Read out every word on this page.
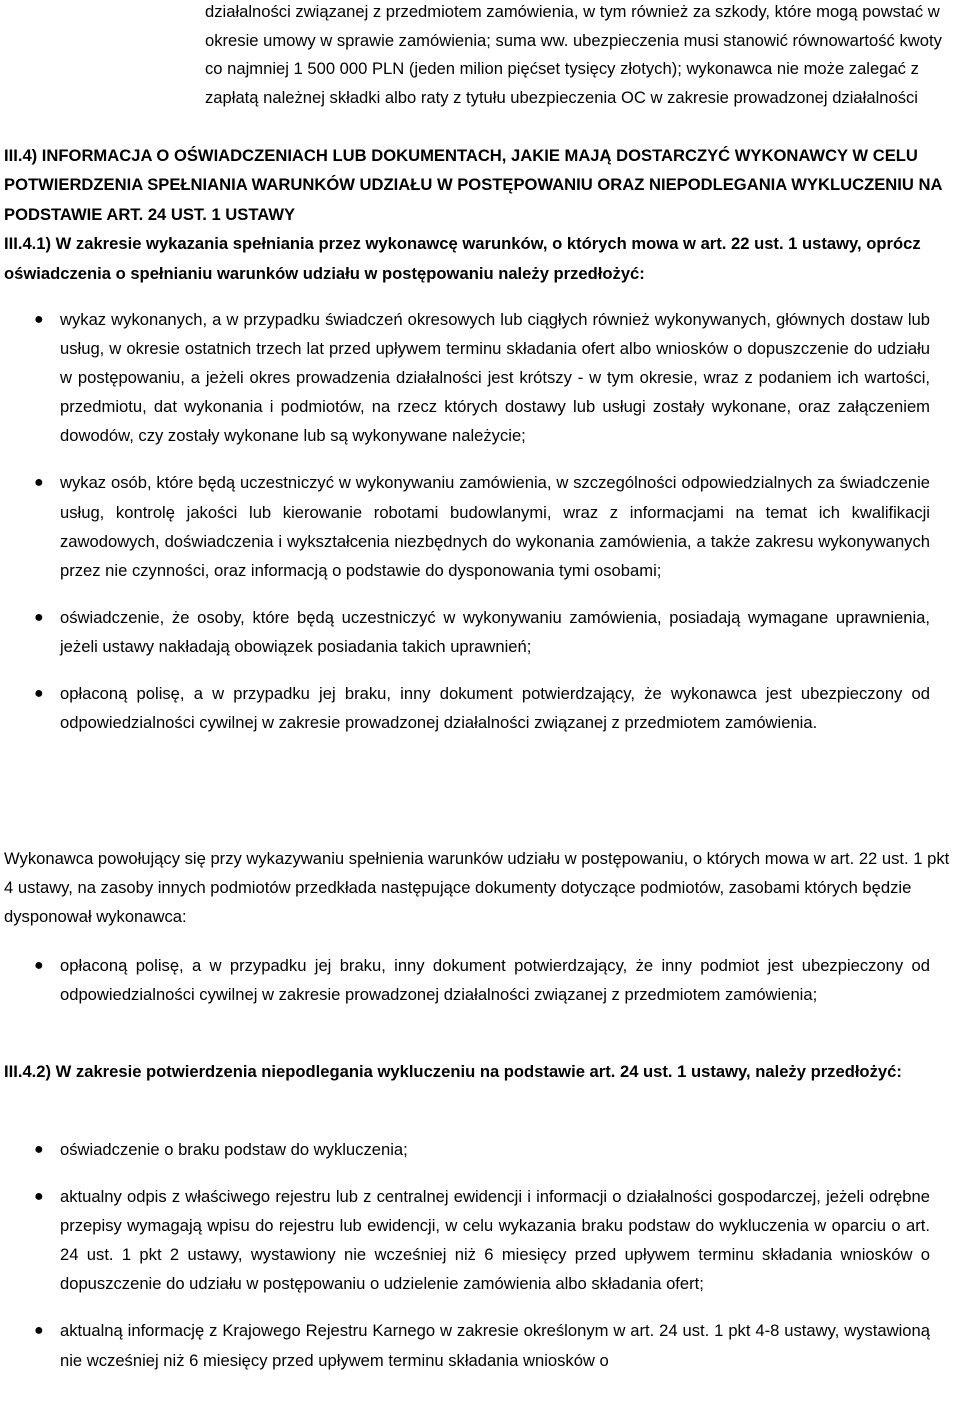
działalności związanej z przedmiotem zamówienia, w tym również za szkody, które mogą powstać w okresie umowy w sprawie zamówienia; suma ww. ubezpieczenia musi stanowić równowartość kwoty co najmniej 1 500 000 PLN (jeden milion pięćset tysięcy złotych); wykonawca nie może zalegać z zapłatą należnej składki albo raty z tytułu ubezpieczenia OC w zakresie prowadzonej działalności
III.4) INFORMACJA O OŚWIADCZENIACH LUB DOKUMENTACH, JAKIE MAJĄ DOSTARCZYĆ WYKONAWCY W CELU POTWIERDZENIA SPEŁNIANIA WARUNKÓW UDZIAŁU W POSTĘPOWANIU ORAZ NIEPODLEGANIA WYKLUCZENIU NA PODSTAWIE ART. 24 UST. 1 USTAWY
III.4.1) W zakresie wykazania spełniania przez wykonawcę warunków, o których mowa w art. 22 ust. 1 ustawy, oprócz oświadczenia o spełnianiu warunków udziału w postępowaniu należy przedłożyć:
● wykaz wykonanych, a w przypadku świadczeń okresowych lub ciągłych również wykonywanych, głównych dostaw lub usług, w okresie ostatnich trzech lat przed upływem terminu składania ofert albo wniosków o dopuszczenie do udziału w postępowaniu, a jeżeli okres prowadzenia działalności jest krótszy - w tym okresie, wraz z podaniem ich wartości, przedmiotu, dat wykonania i podmiotów, na rzecz których dostawy lub usługi zostały wykonane, oraz załączeniem dowodów, czy zostały wykonane lub są wykonywane należycie;
● wykaz osób, które będą uczestniczyć w wykonywaniu zamówienia, w szczególności odpowiedzialnych za świadczenie usług, kontrolę jakości lub kierowanie robotami budowlanymi, wraz z informacjami na temat ich kwalifikacji zawodowych, doświadczenia i wykształcenia niezbędnych do wykonania zamówienia, a także zakresu wykonywanych przez nie czynności, oraz informacją o podstawie do dysponowania tymi osobami;
● oświadczenie, że osoby, które będą uczestniczyć w wykonywaniu zamówienia, posiadają wymagane uprawnienia, jeżeli ustawy nakładają obowiązek posiadania takich uprawnień;
● opłaconą polisę, a w przypadku jej braku, inny dokument potwierdzający, że wykonawca jest ubezpieczony od odpowiedzialności cywilnej w zakresie prowadzonej działalności związanej z przedmiotem zamówienia.
Wykonawca powołujący się przy wykazywaniu spełnienia warunków udziału w postępowaniu, o których mowa w art. 22 ust. 1 pkt 4 ustawy, na zasoby innych podmiotów przedkłada następujące dokumenty dotyczące podmiotów, zasobami których będzie dysponował wykonawca:
● opłaconą polisę, a w przypadku jej braku, inny dokument potwierdzający, że inny podmiot jest ubezpieczony od odpowiedzialności cywilnej w zakresie prowadzonej działalności związanej z przedmiotem zamówienia;
III.4.2) W zakresie potwierdzenia niepodlegania wykluczeniu na podstawie art. 24 ust. 1 ustawy, należy przedłożyć:
● oświadczenie o braku podstaw do wykluczenia;
● aktualny odpis z właściwego rejestru lub z centralnej ewidencji i informacji o działalności gospodarczej, jeżeli odrębne przepisy wymagają wpisu do rejestru lub ewidencji, w celu wykazania braku podstaw do wykluczenia w oparciu o art. 24 ust. 1 pkt 2 ustawy, wystawiony nie wcześniej niż 6 miesięcy przed upływem terminu składania wniosków o dopuszczenie do udziału w postępowaniu o udzielenie zamówienia albo składania ofert;
● aktualną informację z Krajowego Rejestru Karnego w zakresie określonym w art. 24 ust. 1 pkt 4-8 ustawy, wystawioną nie wcześniej niż 6 miesięcy przed upływem terminu składania wniosków o
